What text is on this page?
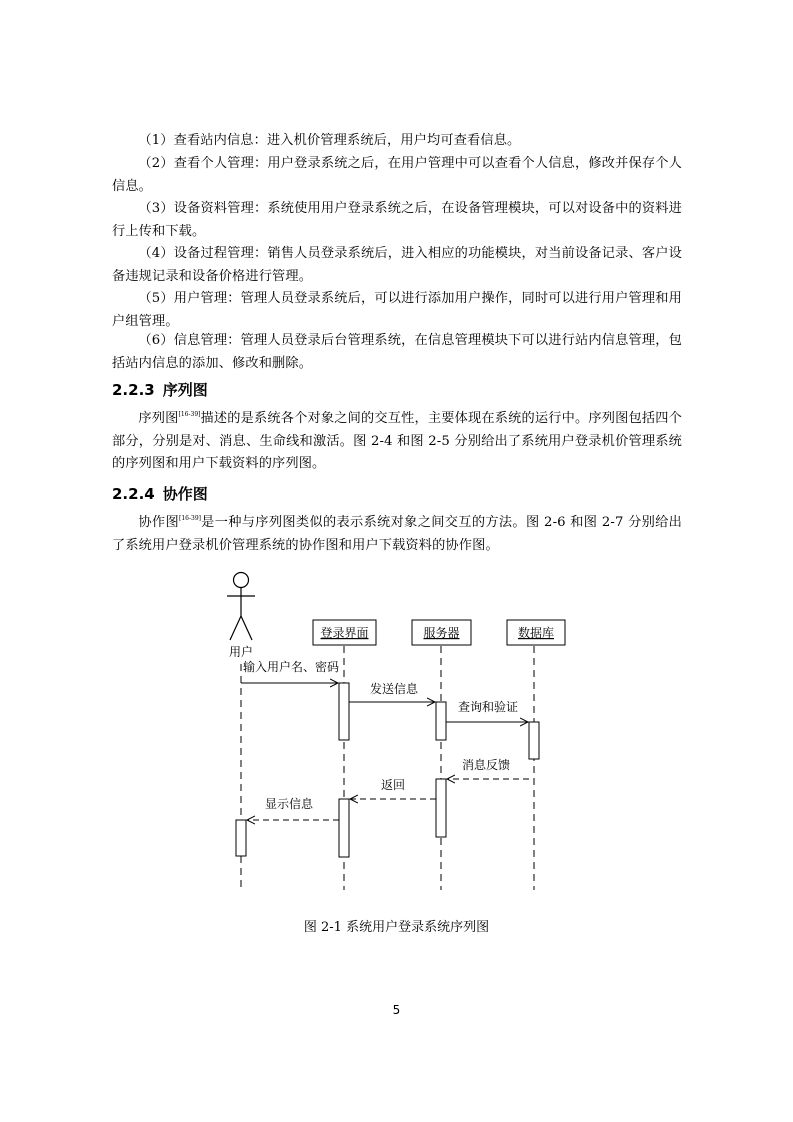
（1）查看站内信息：进入机价管理系统后，用户均可查看信息。

（2）查看个人管理：用户登录系统之后，在用户管理中可以查看个人信息，修改并保存个人信息。

（3）设备资料管理：系统使用用户登录系统之后，在设备管理模块，可以对设备中的资料进行上传和下载。

（4）设备过程管理：销售人员登录系统后，进入相应的功能模块，对当前设备记录、客户设备违规记录和设备价格进行管理。

（5）用户管理：管理人员登录系统后，可以进行添加用户操作，同时可以进行用户管理和用户组管理。

（6）信息管理：管理人员登录后台管理系统，在信息管理模块下可以进行站内信息管理，包括站内信息的添加、修改和删除。

2.2.3 序列图

序列图[16-39]描述的是系统各个对象之间的交互性，主要体现在系统的运行中。序列图包括四个部分，分别是对、消息、生命线和激活。图 2-4 和图 2-5 分别给出了系统用户登录机价管理系统的序列图和用户下载资料的序列图。

2.2.4 协作图

协作图[16-39]是一种与序列图类似的表示系统对象之间交互的方法。图 2-6 和图 2-7 分别给出了系统用户登录机价管理系统的协作图和用户下载资料的协作图。

用户
登录界面	服务器	数据库
输入用户名、密码
发送信息
查询和验证
消息反馈
返回
显示信息

图 2-1 系统用户登录系统序列图

5
